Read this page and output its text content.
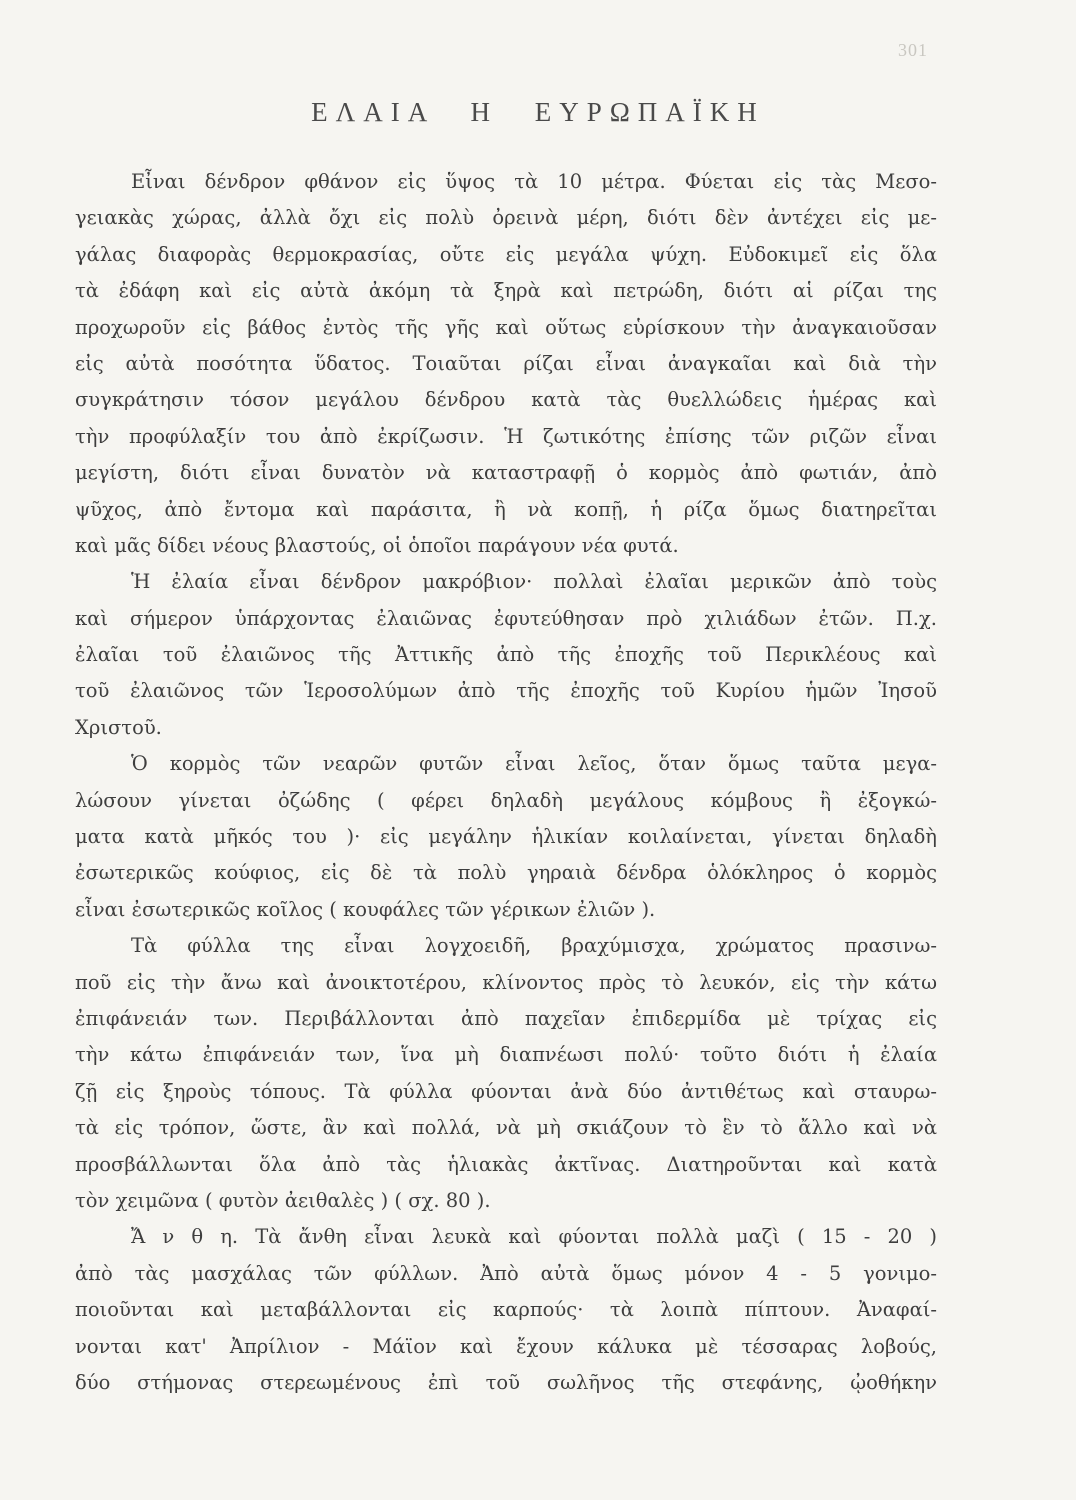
301
ΕΛΑΙΑ Η ΕΥΡΩΠΑΪΚΗ
Εἶναι δένδρον φθάνον εἰς ὕψος τὰ 10 μέτρα. Φύεται εἰς τὰς Μεσο-
γειακὰς χώρας, ἀλλὰ ὄχι εἰς πολὺ ὀρεινὰ μέρη, διότι δὲν ἀντέχει εἰς με-
γάλας διαφορὰς θερμοκρασίας, οὔτε εἰς μεγάλα ψύχη. Εὐδοκιμεῖ εἰς ὅλα
τὰ ἐδάφη καὶ εἰς αὐτὰ ἀκόμη τὰ ξηρὰ καὶ πετρώδη, διότι αἱ ρίζαι της
προχωροῦν εἰς βάθος ἐντὸς τῆς γῆς καὶ οὕτως εὑρίσκουν τὴν ἀναγκαιοῦσαν
εἰς αὐτὰ ποσότητα ὕδατος. Τοιαῦται ρίζαι εἶναι ἀναγκαῖαι καὶ διὰ τὴν
συγκράτησιν τόσον μεγάλου δένδρου κατὰ τὰς θυελλώδεις ἡμέρας καὶ
τὴν προφύλαξίν του ἀπὸ ἐκρίζωσιν. Ἡ ζωτικότης ἐπίσης τῶν ριζῶν εἶναι
μεγίστη, διότι εἶναι δυνατὸν νὰ καταστραφῇ ὁ κορμὸς ἀπὸ φωτιάν, ἀπὸ
ψῦχος, ἀπὸ ἔντομα καὶ παράσιτα, ἢ νὰ κοπῇ, ἡ ρίζα ὅμως διατηρεῖται
καὶ μᾶς δίδει νέους βλαστούς, οἱ ὁποῖοι παράγουν νέα φυτά.
Ἡ ἐλαία εἶναι δένδρον μακρόβιον· πολλαὶ ἐλαῖαι μερικῶν ἀπὸ τοὺς
καὶ σήμερον ὑπάρχοντας ἐλαιῶνας ἐφυτεύθησαν πρὸ χιλιάδων ἐτῶν. Π.χ.
ἐλαῖαι τοῦ ἐλαιῶνος τῆς Ἀττικῆς ἀπὸ τῆς ἐποχῆς τοῦ Περικλέους καὶ
τοῦ ἐλαιῶνος τῶν Ἱεροσολύμων ἀπὸ τῆς ἐποχῆς τοῦ Κυρίου ἡμῶν Ἰησοῦ
Χριστοῦ.
Ὁ κορμὸς τῶν νεαρῶν φυτῶν εἶναι λεῖος, ὅταν ὅμως ταῦτα μεγα-
λώσουν γίνεται ὀζώδης ( φέρει δηλαδὴ μεγάλους κόμβους ἢ ἐξογκώ-
ματα κατὰ μῆκός του )· εἰς μεγάλην ἡλικίαν κοιλαίνεται, γίνεται δηλαδὴ
ἐσωτερικῶς κούφιος, εἰς δὲ τὰ πολὺ γηραιὰ δένδρα ὁλόκληρος ὁ κορμὸς
εἶναι ἐσωτερικῶς κοῖλος ( κουφάλες τῶν γέρικων ἐλιῶν ).
Τὰ φύλλα της εἶναι λογχοειδῆ, βραχύμισχα, χρώματος πρασινω-
ποῦ εἰς τὴν ἄνω καὶ ἀνοικτοτέρου, κλίνοντος πρὸς τὸ λευκόν, εἰς τὴν κάτω
ἐπιφάνειάν των. Περιβάλλονται ἀπὸ παχεῖαν ἐπιδερμίδα μὲ τρίχας εἰς
τὴν κάτω ἐπιφάνειάν των, ἵνα μὴ διαπνέωσι πολύ· τοῦτο διότι ἡ ἐλαία
ζῇ εἰς ξηροὺς τόπους. Τὰ φύλλα φύονται ἀνὰ δύο ἀντιθέτως καὶ σταυρω-
τὰ εἰς τρόπον, ὥστε, ἂν καὶ πολλά, νὰ μὴ σκιάζουν τὸ ἓν τὸ ἄλλο καὶ νὰ
προσβάλλωνται ὅλα ἀπὸ τὰς ἡλιακὰς ἀκτῖνας. Διατηροῦνται καὶ κατὰ
τὸν χειμῶνα ( φυτὸν ἀειθαλὲς ) ( σχ. 80 ).
Ἄ ν θ η. Τὰ ἄνθη εἶναι λευκὰ καὶ φύονται πολλὰ μαζὶ ( 15 - 20 )
ἀπὸ τὰς μασχάλας τῶν φύλλων. Ἀπὸ αὐτὰ ὅμως μόνον 4 - 5 γονιμο-
ποιοῦνται καὶ μεταβάλλονται εἰς καρπούς· τὰ λοιπὰ πίπτουν. Ἀναφαί-
νονται κατ' Ἀπρίλιον - Μάϊον καὶ ἔχουν κάλυκα μὲ τέσσαρας λοβούς,
δύο στήμονας στερεωμένους ἐπὶ τοῦ σωλῆνος τῆς στεφάνης, ᾠοθήκην
